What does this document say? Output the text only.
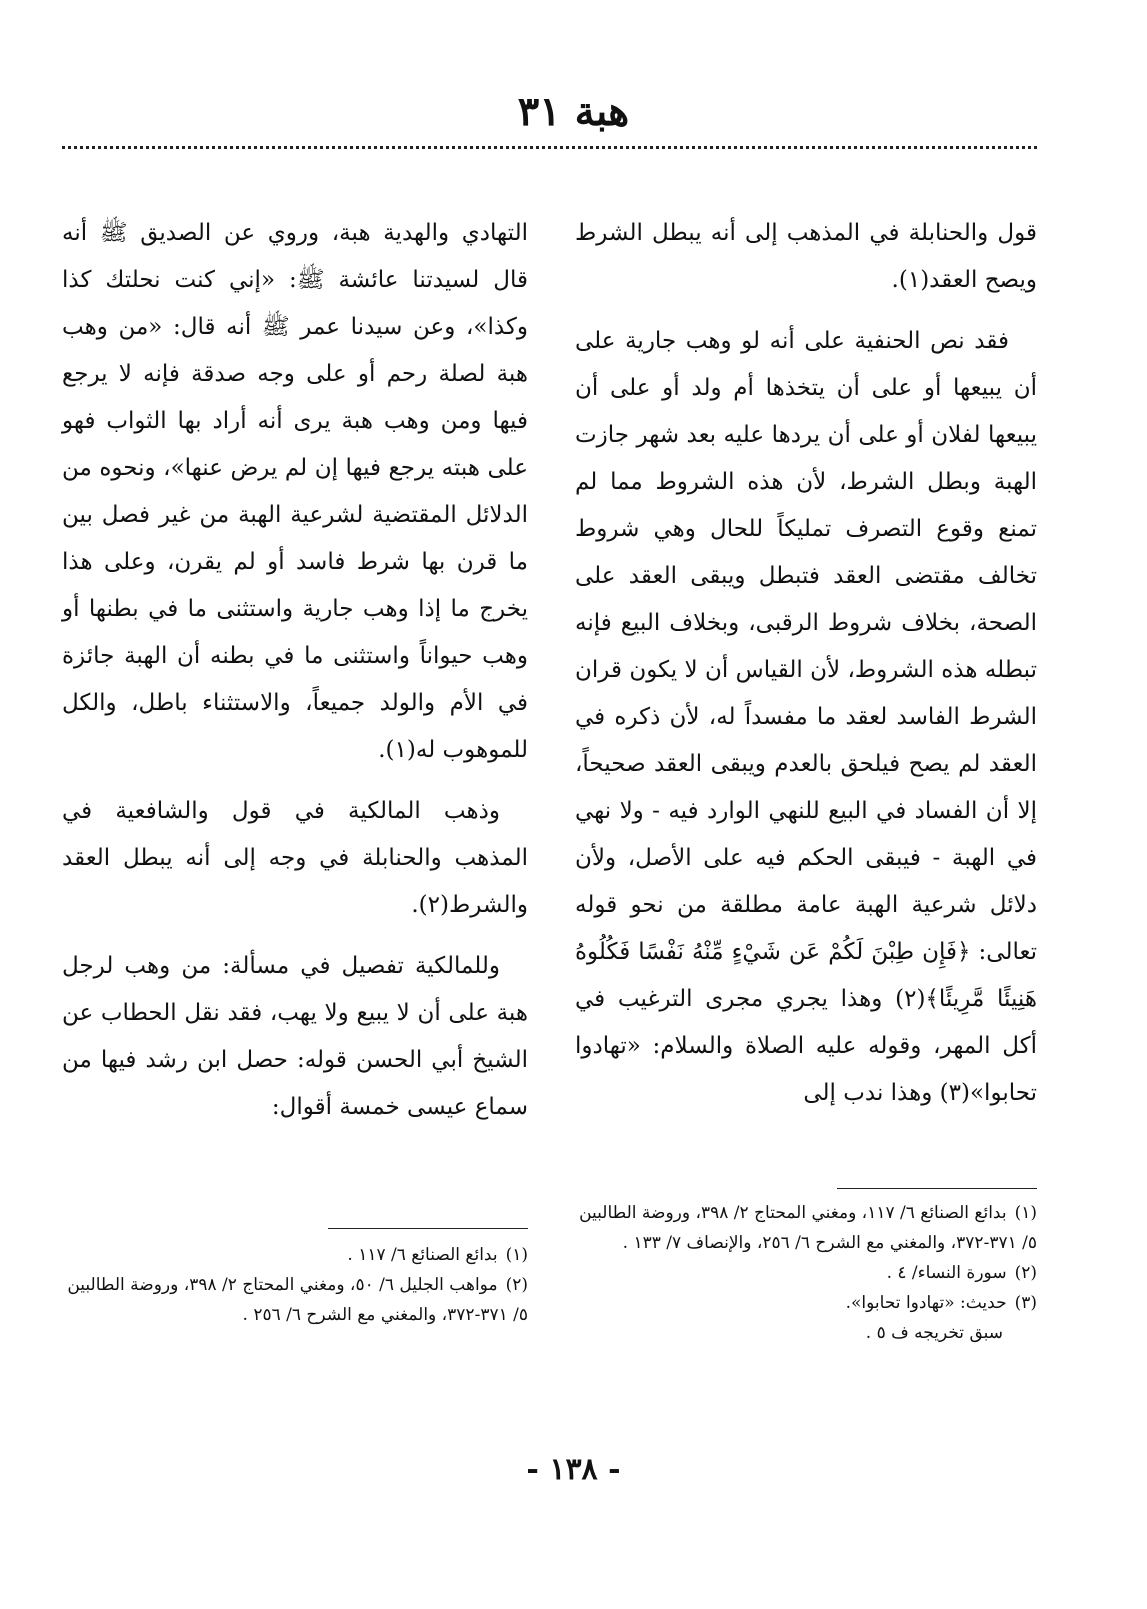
هبة ٣١

قول والحنابلة في المذهب إلى أنه يبطل الشرط ويصح العقد(١).

فقد نص الحنفية على أنه لو وهب جارية على أن يبيعها أو على أن يتخذها أم ولد أو على أن يبيعها لفلان أو على أن يردها عليه بعد شهر جازت الهبة وبطل الشرط، لأن هذه الشروط مما لم تمنع وقوع التصرف تمليكاً للحال وهي شروط تخالف مقتضى العقد فتبطل ويبقى العقد على الصحة، بخلاف شروط الرقبى، وبخلاف البيع فإنه تبطله هذه الشروط، لأن القياس أن لا يكون قران الشرط الفاسد لعقد ما مفسداً له، لأن ذكره في العقد لم يصح فيلحق بالعدم ويبقى العقد صحيحاً، إلا أن الفساد في البيع للنهي الوارد فيه - ولا نهي في الهبة - فيبقى الحكم فيه على الأصل، ولأن دلائل شرعية الهبة عامة مطلقة من نحو قوله تعالى: ﴿فَإِن طِبْنَ لَكُمْ عَن شَيْءٍ مِّنْهُ نَفْسًا فَكُلُوهُ هَنِيئًا مَّرِيئًا﴾(٢) وهذا يجري مجرى الترغيب في أكل المهر، وقوله عليه الصلاة والسلام: «تهادوا تحابوا»(٣) وهذا ندب إلى

التهادي والهدية هبة، وروي عن الصديق ﷺ أنه قال لسيدتنا عائشة ﷺ: «إني كنت نحلتك كذا وكذا»، وعن سيدنا عمر ﷺ أنه قال: «من وهب هبة لصلة رحم أو على وجه صدقة فإنه لا يرجع فيها ومن وهب هبة يرى أنه أراد بها الثواب فهو على هبته يرجع فيها إن لم يرض عنها»، ونحوه من الدلائل المقتضية لشرعية الهبة من غير فصل بين ما قرن بها شرط فاسد أو لم يقرن، وعلى هذا يخرج ما إذا وهب جارية واستثنى ما في بطنها أو وهب حيواناً واستثنى ما في بطنه أن الهبة جائزة في الأم والولد جميعاً، والاستثناء باطل، والكل للموهوب له(١).

وذهب المالكية في قول والشافعية في المذهب والحنابلة في وجه إلى أنه يبطل العقد والشرط(٢).

وللمالكية تفصيل في مسألة: من وهب لرجل هبة على أن لا يبيع ولا يهب، فقد نقل الحطاب عن الشيخ أبي الحسن قوله: حصل ابن رشد فيها من سماع عيسى خمسة أقوال:

(١)بدائع الصنائع ٦/ ١١٧، ومغني المحتاج ٢/ ٣٩٨، وروضة الطالبين ٥/ ٣٧١-٣٧٢، والمغني مع الشرح ٦/ ٢٥٦، والإنصاف ٧/ ١٣٣ .

(٢)سورة النساء/ ٤ .

(٣)حديث: «تهادوا تحابوا».

سبق تخريجه ف ٥ .

(١)بدائع الصنائع ٦/ ١١٧ .

(٢)مواهب الجليل ٦/ ٥٠، ومغني المحتاج ٢/ ٣٩٨، وروضة الطالبين ٥/ ٣٧١-٣٧٢، والمغني مع الشرح ٦/ ٢٥٦ .

- ١٣٨ -
